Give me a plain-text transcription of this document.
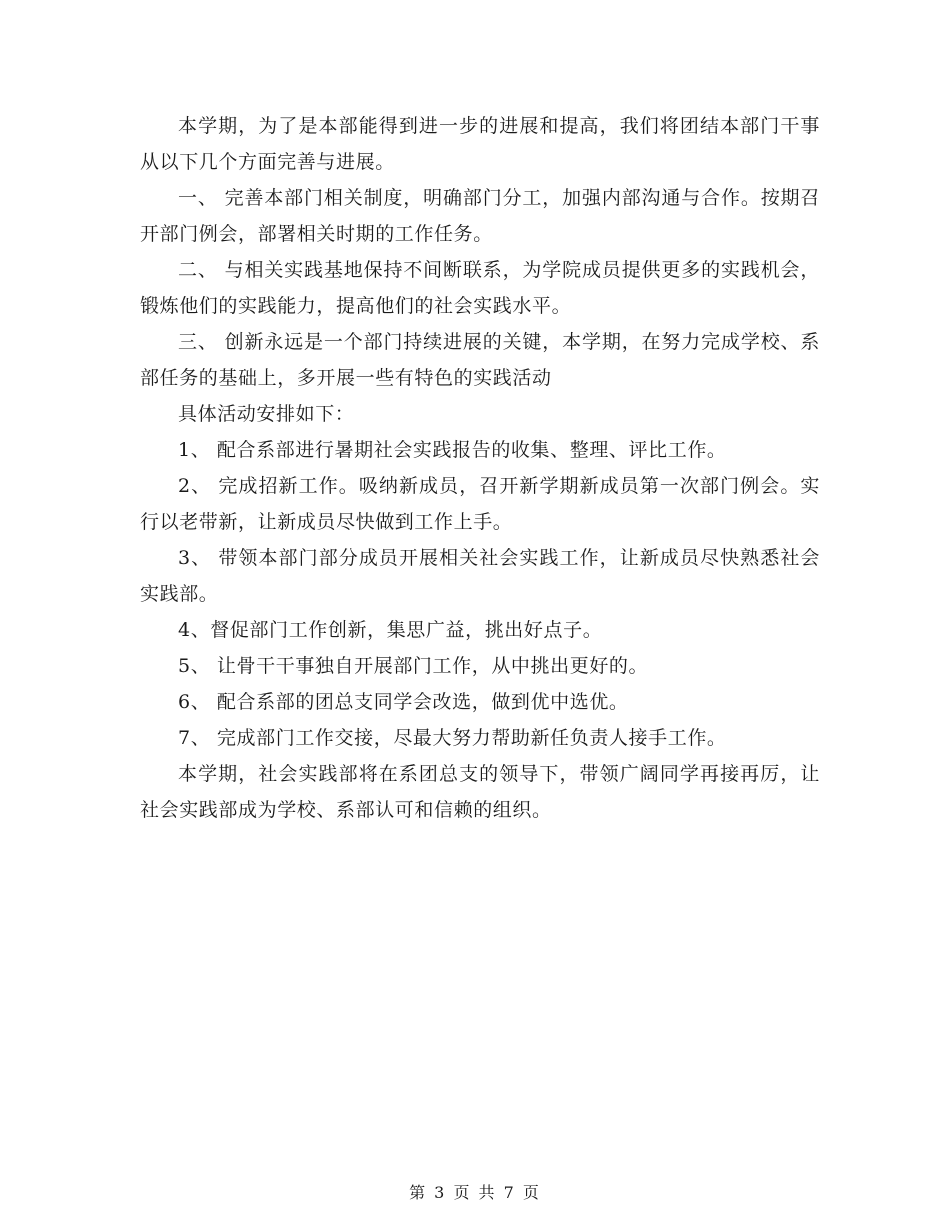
本学期，为了是本部能得到进一步的进展和提高，我们将团结本部门干事从以下几个方面完善与进展。

一、 完善本部门相关制度，明确部门分工，加强内部沟通与合作。按期召开部门例会，部署相关时期的工作任务。

二、 与相关实践基地保持不间断联系，为学院成员提供更多的实践机会，锻炼他们的实践能力，提高他们的社会实践水平。

三、 创新永远是一个部门持续进展的关键，本学期，在努力完成学校、系部任务的基础上，多开展一些有特色的实践活动

具体活动安排如下：

1、 配合系部进行暑期社会实践报告的收集、整理、评比工作。

2、 完成招新工作。吸纳新成员，召开新学期新成员第一次部门例会。实行以老带新，让新成员尽快做到工作上手。

3、 带领本部门部分成员开展相关社会实践工作，让新成员尽快熟悉社会实践部。

4、督促部门工作创新，集思广益，挑出好点子。

5、 让骨干干事独自开展部门工作，从中挑出更好的。

6、 配合系部的团总支同学会改选，做到优中选优。

7、 完成部门工作交接，尽最大努力帮助新任负责人接手工作。

本学期，社会实践部将在系团总支的领导下，带领广阔同学再接再厉，让社会实践部成为学校、系部认可和信赖的组织。

第 3 页 共 7 页
